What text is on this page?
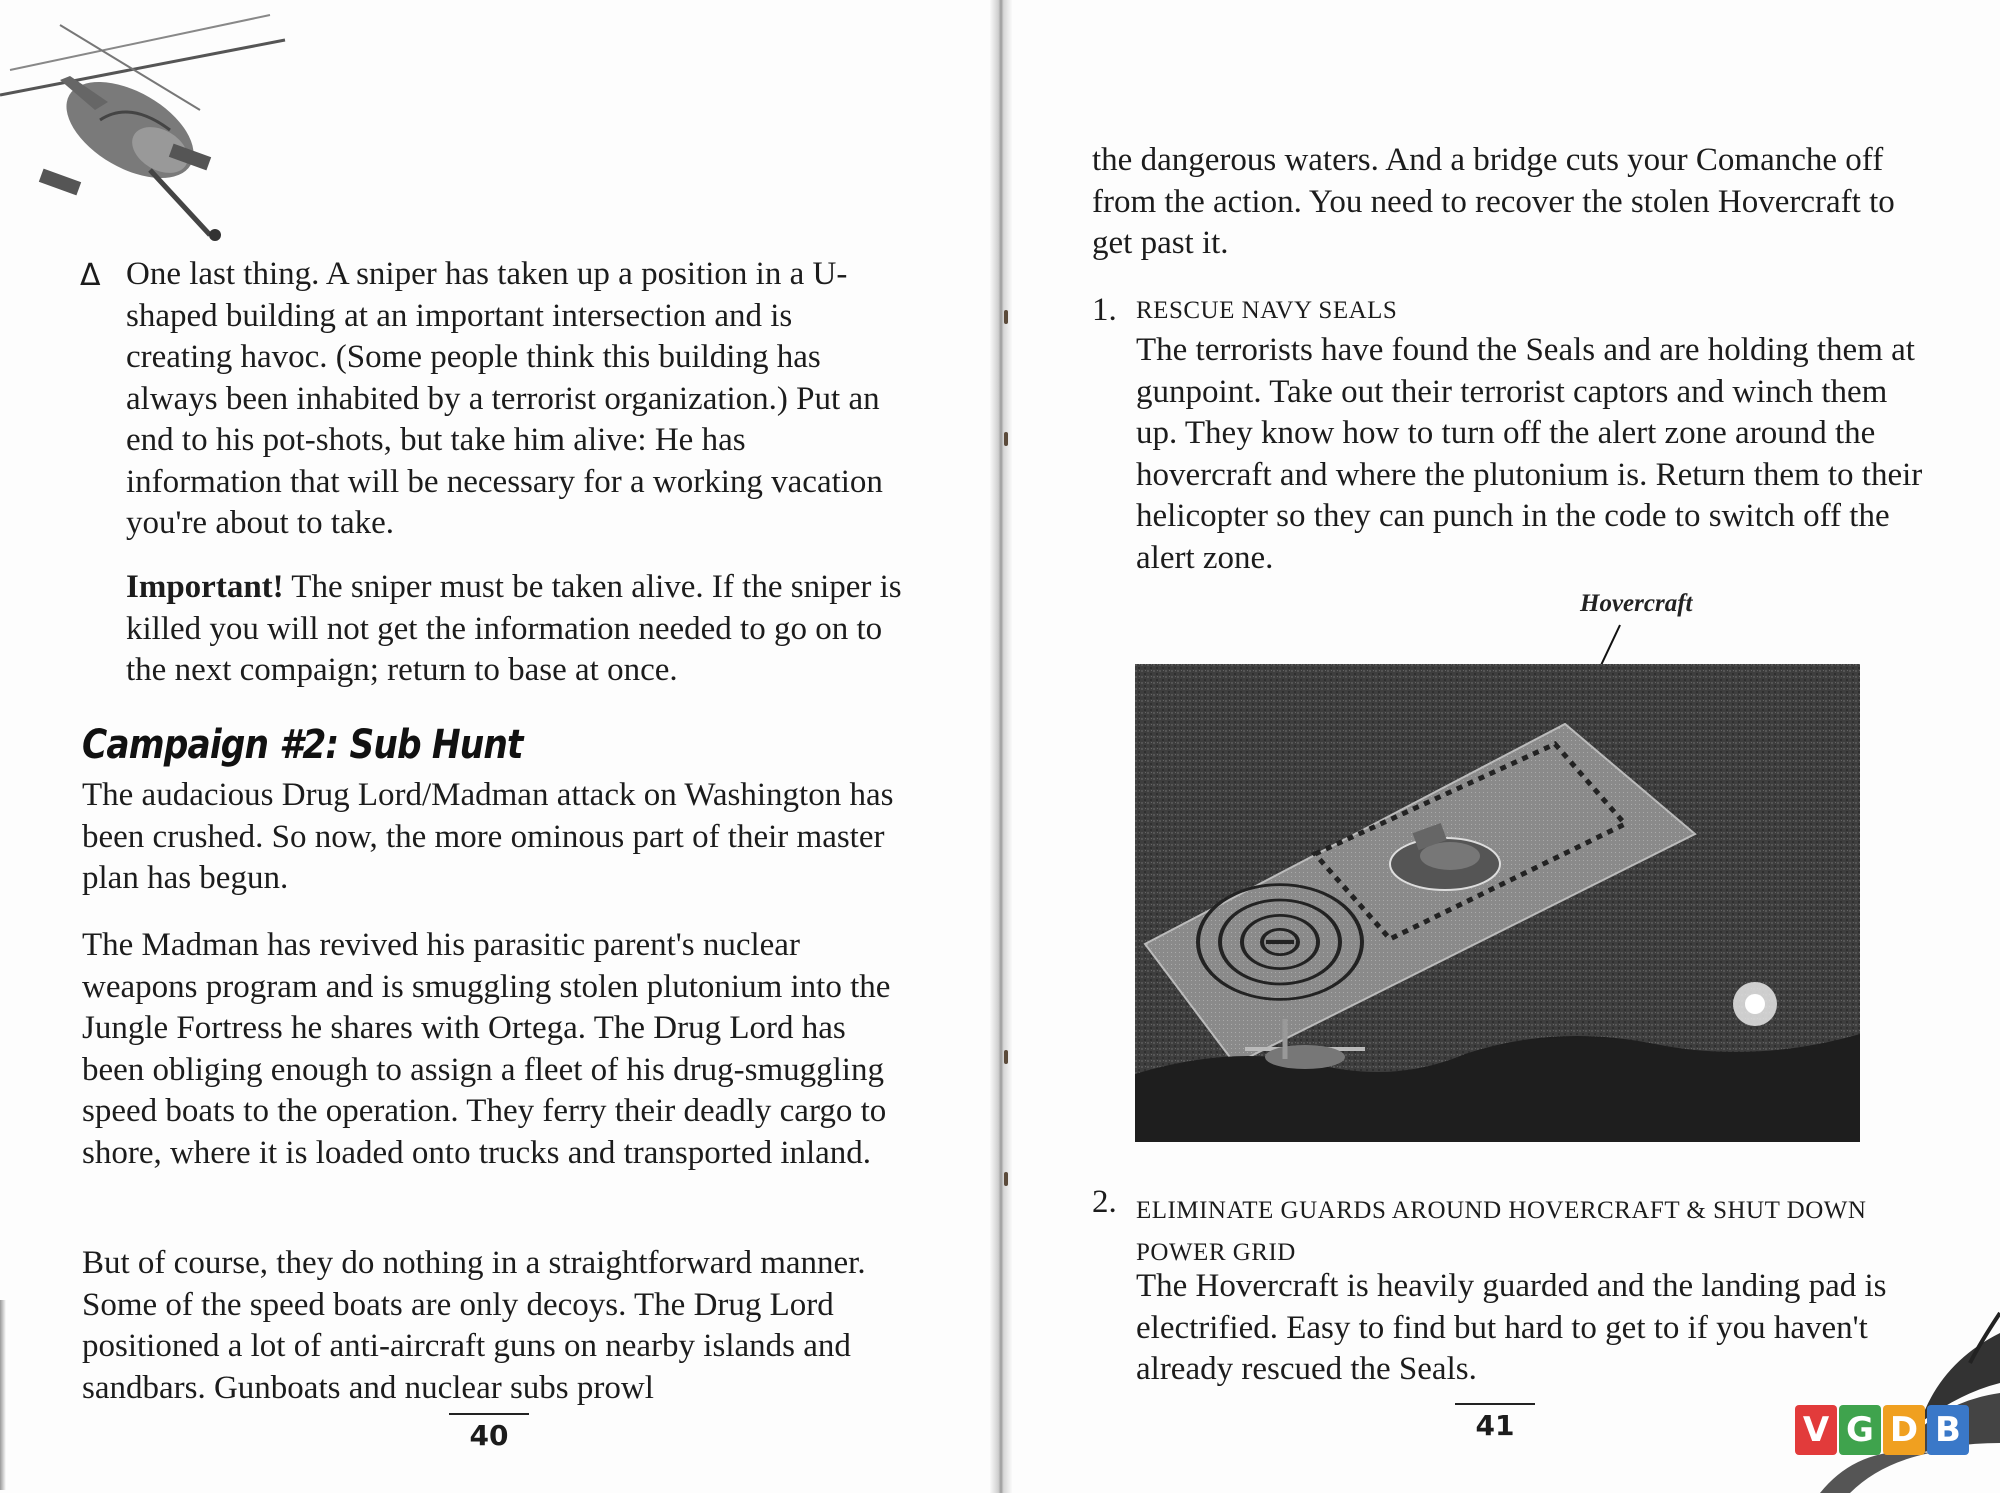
Δ One last thing. A sniper has taken up a position in a U-shaped building at an important intersection and is creating havoc. (Some people think this building has always been inhabited by a terrorist organization.) Put an end to his pot-shots, but take him alive: He has information that will be necessary for a working vacation you're about to take.

Important! The sniper must be taken alive. If the sniper is killed you will not get the information needed to go on to the next compaign; return to base at once.

Campaign #2: Sub Hunt

The audacious Drug Lord/Madman attack on Washington has been crushed. So now, the more ominous part of their master plan has begun.

The Madman has revived his parasitic parent's nuclear weapons program and is smuggling stolen plutonium into the Jungle Fortress he shares with Ortega. The Drug Lord has been obliging enough to assign a fleet of his drug-smuggling speed boats to the operation. They ferry their deadly cargo to shore, where it is loaded onto trucks and transported inland.

But of course, they do nothing in a straightforward manner. Some of the speed boats are only decoys. The Drug Lord positioned a lot of anti-aircraft guns on nearby islands and sandbars. Gunboats and nuclear subs prowl

40

the dangerous waters. And a bridge cuts your Comanche off from the action. You need to recover the stolen Hovercraft to get past it.

1. RESCUE NAVY SEALS

The terrorists have found the Seals and are holding them at gunpoint. Take out their terrorist captors and winch them up. They know how to turn off the alert zone around the hovercraft and where the plutonium is. Return them to their helicopter so they can punch in the code to switch off the alert zone.

Hovercraft
2. ELIMINATE GUARDS AROUND HOVERCRAFT & SHUT DOWN POWER GRID

The Hovercraft is heavily guarded and the landing pad is electrified. Easy to find but hard to get to if you haven't already rescued the Seals.

41	V G D B
